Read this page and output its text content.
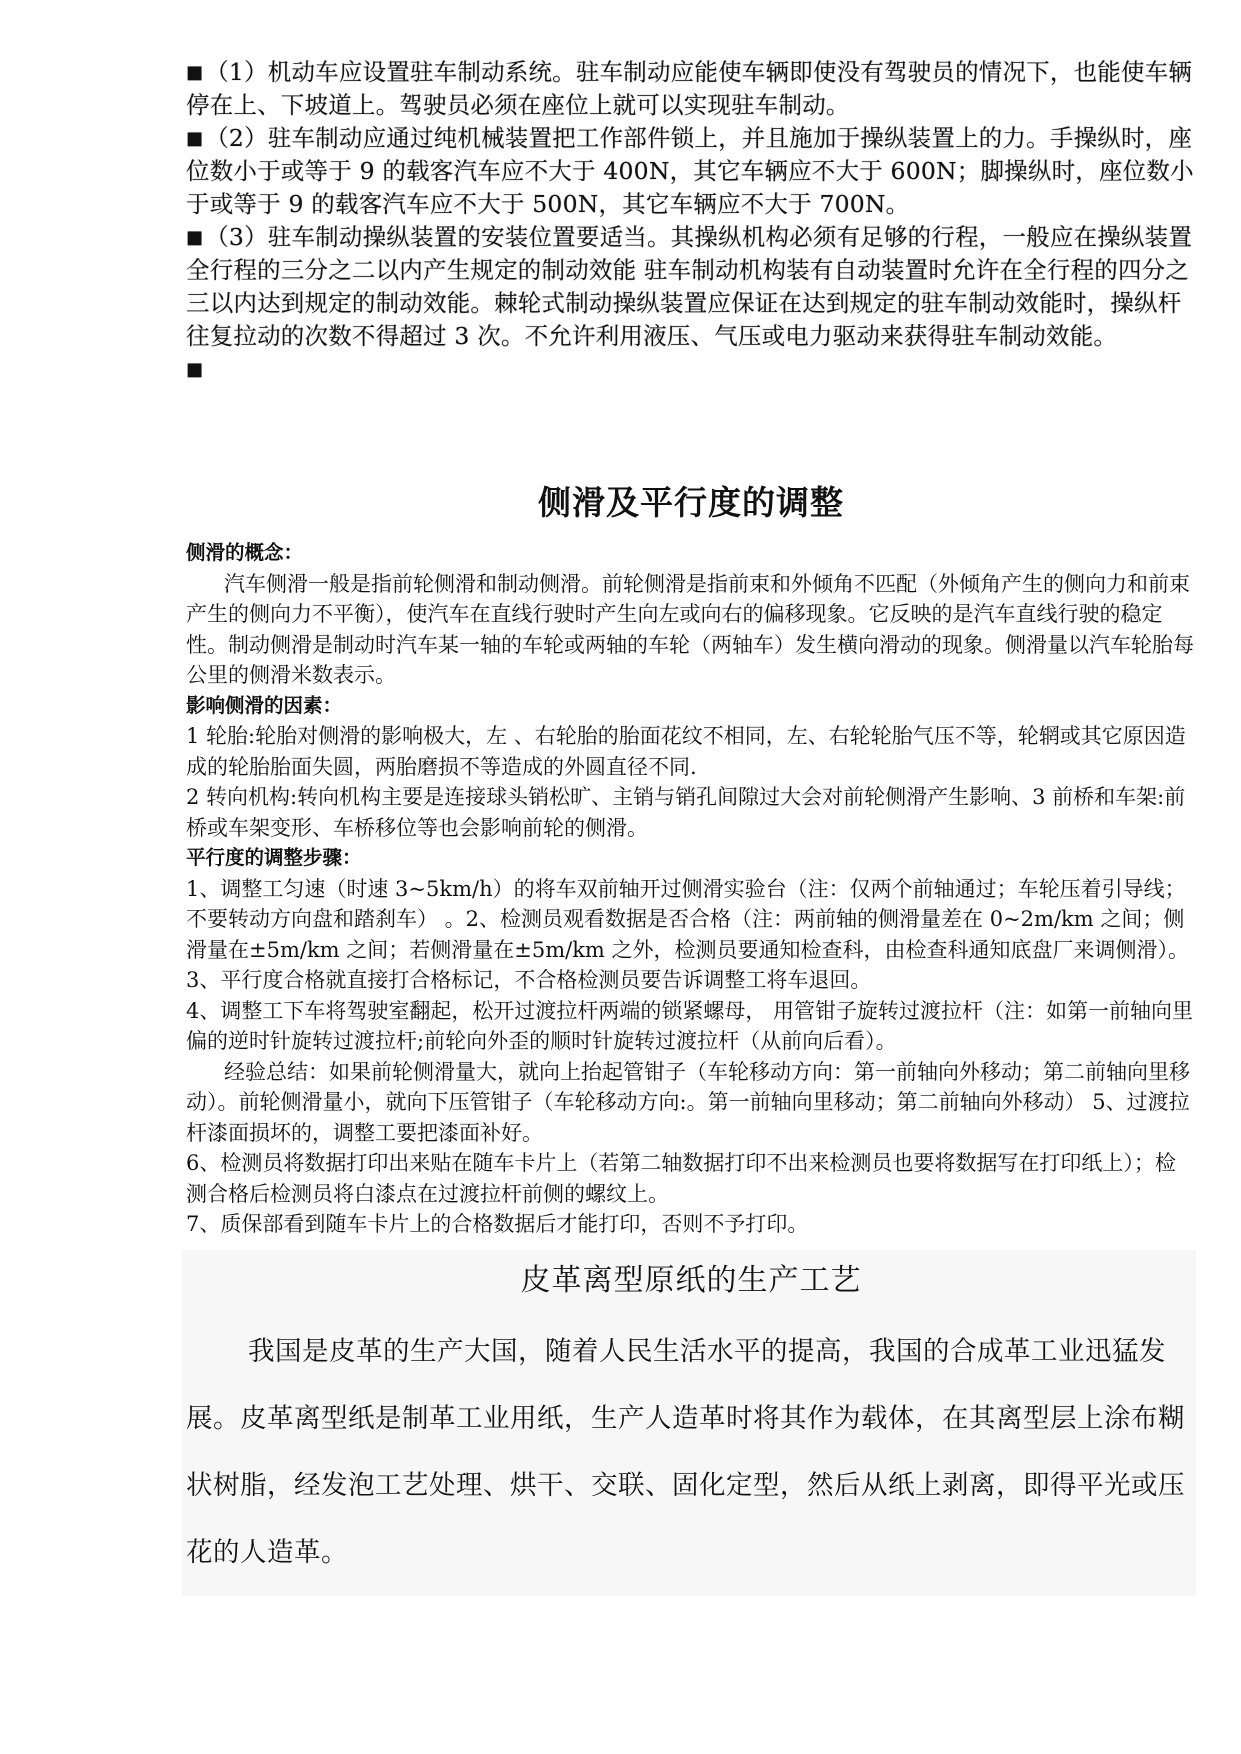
■（1）机动车应设置驻车制动系统。驻车制动应能使车辆即使没有驾驶员的情况下，也能使车辆停在上、下坡道上。驾驶员必须在座位上就可以实现驻车制动。

■（2）驻车制动应通过纯机械装置把工作部件锁上，并且施加于操纵装置上的力。手操纵时，座位数小于或等于 9 的载客汽车应不大于 400N，其它车辆应不大于 600N；脚操纵时，座位数小于或等于 9 的载客汽车应不大于 500N，其它车辆应不大于 700N。

■（3）驻车制动操纵装置的安装位置要适当。其操纵机构必须有足够的行程，一般应在操纵装置全行程的三分之二以内产生规定的制动效能 驻车制动机构装有自动装置时允许在全行程的四分之三以内达到规定的制动效能。棘轮式制动操纵装置应保证在达到规定的驻车制动效能时，操纵杆往复拉动的次数不得超过 3 次。不允许利用液压、气压或电力驱动来获得驻车制动效能。

■

侧滑及平行度的调整

侧滑的概念：

汽车侧滑一般是指前轮侧滑和制动侧滑。前轮侧滑是指前束和外倾角不匹配（外倾角产生的侧向力和前束产生的侧向力不平衡），使汽车在直线行驶时产生向左或向右的偏移现象。它反映的是汽车直线行驶的稳定性。制动侧滑是制动时汽车某一轴的车轮或两轴的车轮（两轴车）发生横向滑动的现象。侧滑量以汽车轮胎每公里的侧滑米数表示。

影响侧滑的因素：

1 轮胎:轮胎对侧滑的影响极大，左 、右轮胎的胎面花纹不相同，左、右轮轮胎气压不等，轮辋或其它原因造成的轮胎胎面失圆，两胎磨损不等造成的外圆直径不同.

2 转向机构:转向机构主要是连接球头销松旷、主销与销孔间隙过大会对前轮侧滑产生影响、3 前桥和车架:前桥或车架变形、车桥移位等也会影响前轮的侧滑。

平行度的调整步骤：

1、调整工匀速（时速 3~5km/h）的将车双前轴开过侧滑实验台（注：仅两个前轴通过；车轮压着引导线；不要转动方向盘和踏刹车） 。2、检测员观看数据是否合格（注：两前轴的侧滑量差在 0~2m/km 之间；侧滑量在±5m/km 之间；若侧滑量在±5m/km 之外，检测员要通知检查科，由检查科通知底盘厂来调侧滑）。 3、平行度合格就直接打合格标记，不合格检测员要告诉调整工将车退回。

4、调整工下车将驾驶室翻起，松开过渡拉杆两端的锁紧螺母， 用管钳子旋转过渡拉杆（注：如第一前轴向里偏的逆时针旋转过渡拉杆;前轮向外歪的顺时针旋转过渡拉杆（从前向后看）。

经验总结：如果前轮侧滑量大，就向上抬起管钳子（车轮移动方向：第一前轴向外移动；第二前轴向里移动）。前轮侧滑量小，就向下压管钳子（车轮移动方向:。第一前轴向里移动；第二前轴向外移动） 5、过渡拉杆漆面损坏的，调整工要把漆面补好。

6、检测员将数据打印出来贴在随车卡片上（若第二轴数据打印不出来检测员也要将数据写在打印纸上）；检测合格后检测员将白漆点在过渡拉杆前侧的螺纹上。

7、质保部看到随车卡片上的合格数据后才能打印，否则不予打印。

皮革离型原纸的生产工艺

我国是皮革的生产大国，随着人民生活水平的提高，我国的合成革工业迅猛发展。皮革离型纸是制革工业用纸，生产人造革时将其作为载体，在其离型层上涂布糊状树脂，经发泡工艺处理、烘干、交联、固化定型，然后从纸上剥离，即得平光或压花的人造革。
